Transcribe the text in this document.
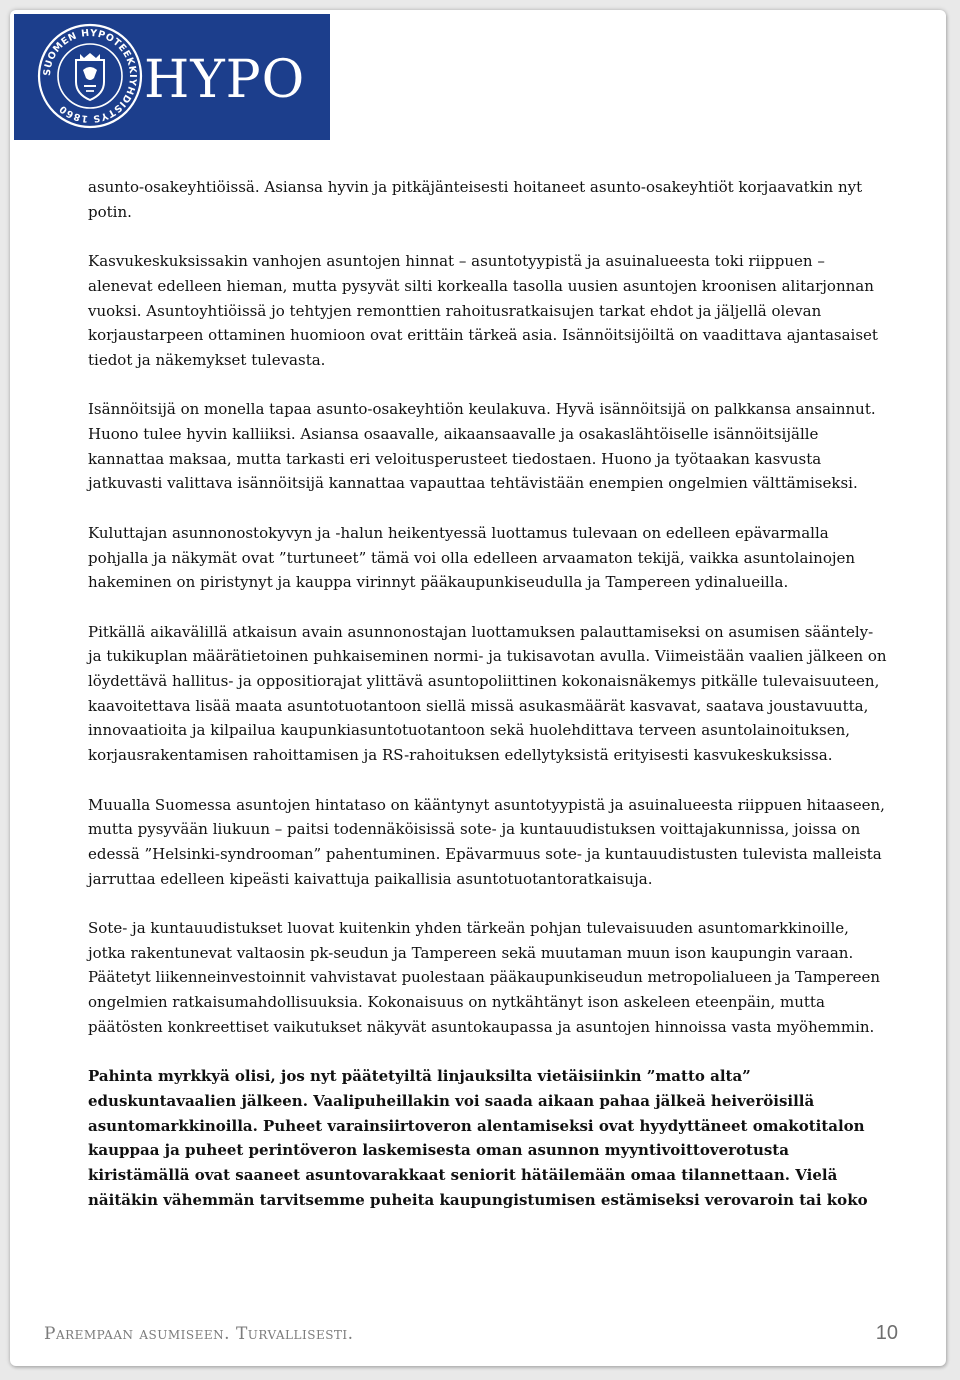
SUOMEN HYPOTEEKKIYHDISTYS 1860	HYPO

asunto-osakeyhtiöissä. Asiansa hyvin ja pitkäjänteisesti hoitaneet asunto-osakeyhtiöt korjaavatkin nyt potin.

Kasvukeskuksissakin vanhojen asuntojen hinnat – asuntotyypistä ja asuinalueesta toki riippuen – alenevat edelleen hieman, mutta pysyvät silti korkealla tasolla uusien asuntojen kroonisen alitarjonnan vuoksi. Asuntoyhtiöissä jo tehtyjen remonttien rahoitusratkaisujen tarkat ehdot ja jäljellä olevan korjaustarpeen ottaminen huomioon ovat erittäin tärkeä asia. Isännöitsijöiltä on vaadittava ajantasaiset tiedot ja näkemykset tulevasta.

Isännöitsijä on monella tapaa asunto-osakeyhtiön keulakuva. Hyvä isännöitsijä on palkkansa ansainnut. Huono tulee hyvin kalliiksi. Asiansa osaavalle, aikaansaavalle ja osakaslähtöiselle isännöitsijälle kannattaa maksaa, mutta tarkasti eri veloitusperusteet tiedostaen. Huono ja työtaakan kasvusta jatkuvasti valittava isännöitsijä kannattaa vapauttaa tehtävistään enempien ongelmien välttämiseksi.

Kuluttajan asunnonostokyvyn ja -halun heikentyessä luottamus tulevaan on edelleen epävarmalla pohjalla ja näkymät ovat ”turtuneet” tämä voi olla edelleen arvaamaton tekijä, vaikka asuntolainojen hakeminen on piristynyt ja kauppa virinnyt pääkaupunkiseudulla ja Tampereen ydinalueilla.

Pitkällä aikavälillä atkaisun avain asunnonostajan luottamuksen palauttamiseksi on asumisen sääntely- ja tukikuplan määrätietoinen puhkaiseminen normi- ja tukisavotan avulla. Viimeistään vaalien jälkeen on löydettävä hallitus- ja oppositiorajat ylittävä asuntopoliittinen kokonaisnäkemys pitkälle tulevaisuuteen, kaavoitettava lisää maata asuntotuotantoon siellä missä asukasmäärät kasvavat, saatava joustavuutta, innovaatioita ja kilpailua kaupunkiasuntotuotantoon sekä huolehdittava terveen asuntolainoituksen, korjausrakentamisen rahoittamisen ja RS-rahoituksen edellytyksistä erityisesti kasvukeskuksissa.

Muualla Suomessa asuntojen hintataso on kääntynyt asuntotyypistä ja asuinalueesta riippuen hitaaseen, mutta pysyvään liukuun – paitsi todennäköisissä sote- ja kuntauudistuksen voittajakunnissa, joissa on edessä ”Helsinki-syndrooman” pahentuminen. Epävarmuus sote- ja kuntauudistusten tulevista malleista jarruttaa edelleen kipeästi kaivattuja paikallisia asuntotuotantoratkaisuja.

Sote- ja kuntauudistukset luovat kuitenkin yhden tärkeän pohjan tulevaisuuden asuntomarkkinoille, jotka rakentunevat valtaosin pk-seudun ja Tampereen sekä muutaman muun ison kaupungin varaan. Päätetyt liikenneinvestoinnit vahvistavat puolestaan pääkaupunkiseudun metropolialueen ja Tampereen ongelmien ratkaisumahdollisuuksia. Kokonaisuus on nytkähtänyt ison askeleen eteenpäin, mutta päätösten konkreettiset vaikutukset näkyvät asuntokaupassa ja asuntojen hinnoissa vasta myöhemmin.

Pahinta myrkkyä olisi, jos nyt päätetyiltä linjauksilta vietäisiinkin ”matto alta” eduskuntavaalien jälkeen. Vaalipuheillakin voi saada aikaan pahaa jälkeä heiveröisillä asuntomarkkinoilla. Puheet varainsiirtoveron alentamiseksi ovat hyydyttäneet omakotitalon kauppaa ja puheet perintöveron laskemisesta oman asunnon myyntivoittoverotusta kiristämällä ovat saaneet asuntovarakkaat seniorit hätäilemään omaa tilannettaan. Vielä näitäkin vähemmän tarvitsemme puheita kaupungistumisen estämiseksi verovaroin tai koko

Parempaan asumiseen. Turvallisesti.	10
